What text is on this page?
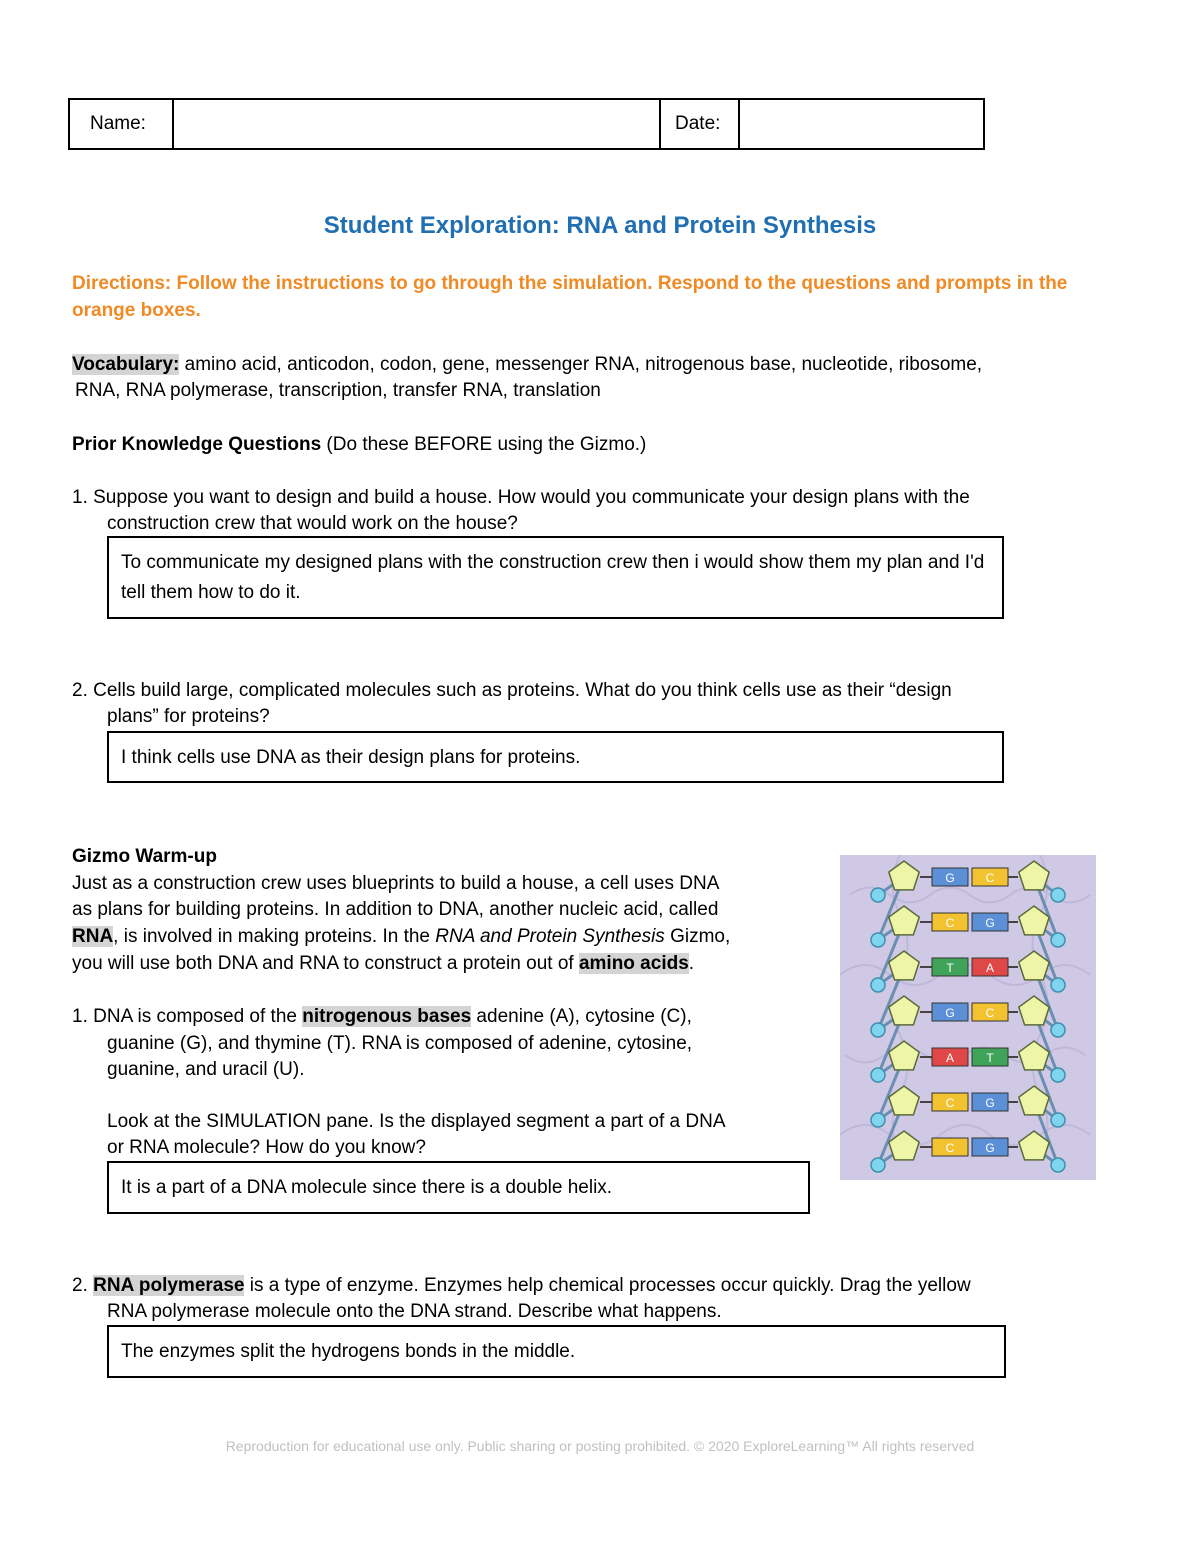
Name:	Date:
Student Exploration: RNA and Protein Synthesis
Directions: Follow the instructions to go through the simulation. Respond to the questions and prompts in the orange boxes.
Vocabulary: amino acid, anticodon, codon, gene, messenger RNA, nitrogenous base, nucleotide, ribosome,
RNA, RNA polymerase, transcription, transfer RNA, translation
Prior Knowledge Questions (Do these BEFORE using the Gizmo.)
1. Suppose you want to design and build a house. How would you communicate your design plans with the
construction crew that would work on the house?
To communicate my designed plans with the construction crew then i would show them my plan and I'd tell them how to do it.
2. Cells build large, complicated molecules such as proteins. What do you think cells use as their “design
plans” for proteins?
I think cells use DNA as their design plans for proteins.
Gizmo Warm-up
Just as a construction crew uses blueprints to build a house, a cell uses DNA
as plans for building proteins. In addition to DNA, another nucleic acid, called
RNA, is involved in making proteins. In the RNA and Protein Synthesis Gizmo,
you will use both DNA and RNA to construct a protein out of amino acids.
1. DNA is composed of the nitrogenous bases adenine (A), cytosine (C),
guanine (G), and thymine (T). RNA is composed of adenine, cytosine,
guanine, and uracil (U).
Look at the SIMULATION pane. Is the displayed segment a part of a DNA
or RNA molecule? How do you know?
It is a part of a DNA molecule since there is a double helix.
2. RNA polymerase is a type of enzyme. Enzymes help chemical processes occur quickly. Drag the yellow
RNA polymerase molecule onto the DNA strand. Describe what happens.
The enzymes split the hydrogens bonds in the middle.
G	C
C	G
T	A
G	C
A	T
C	G
C	G
Reproduction for educational use only. Public sharing or posting prohibited. © 2020 ExploreLearning™ All rights reserved
